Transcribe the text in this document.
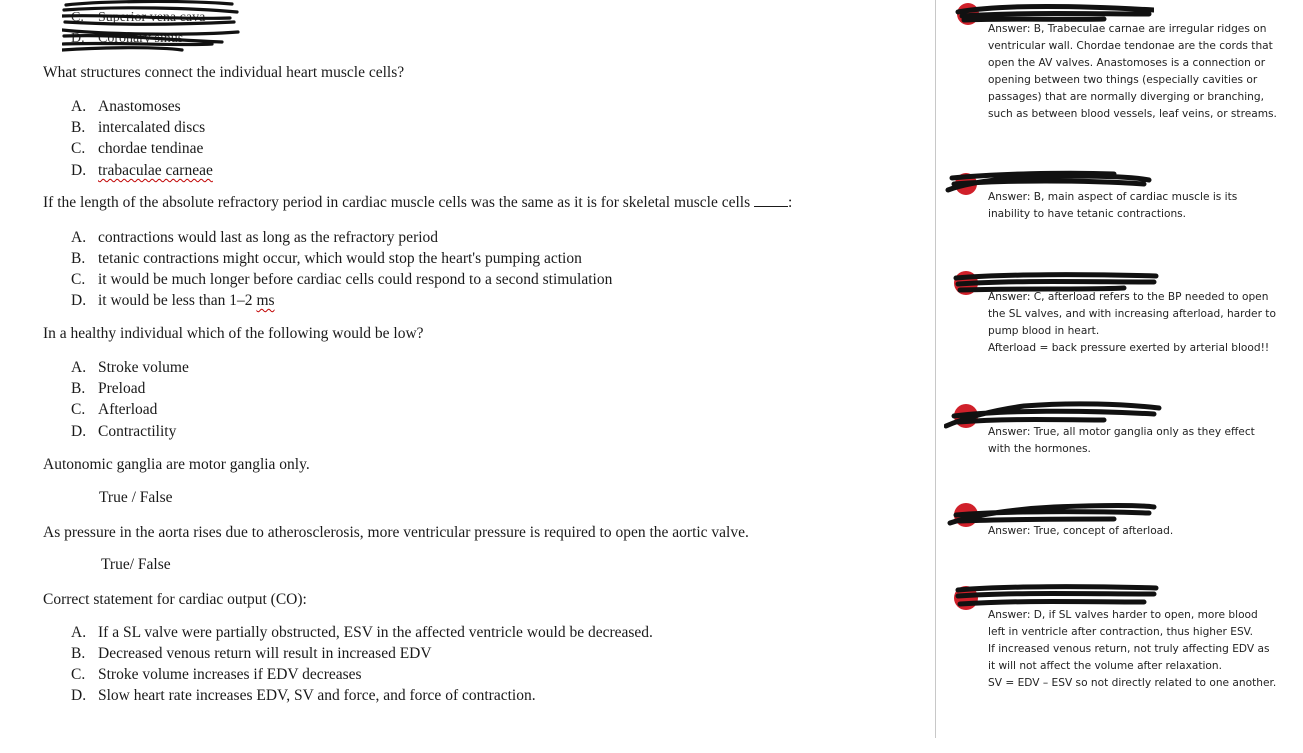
C. Superior vena cava
D. Coronary sinus
What structures connect the individual heart muscle cells?
A. Anastomoses
B. intercalated discs
C. chordae tendinae
D. trabaculae carneae
If the length of the absolute refractory period in cardiac muscle cells was the same as it is for skeletal muscle cells :
A. contractions would last as long as the refractory period
B. tetanic contractions might occur, which would stop the heart's pumping action
C. it would be much longer before cardiac cells could respond to a second stimulation
D. it would be less than 1–2 ms
In a healthy individual which of the following would be low?
A. Stroke volume
B. Preload
C. Afterload
D. Contractility
Autonomic ganglia are motor ganglia only.
True / False
As pressure in the aorta rises due to atherosclerosis, more ventricular pressure is required to open the aortic valve.
True/ False
Correct statement for cardiac output (CO):
A. If a SL valve were partially obstructed, ESV in the affected ventricle would be decreased.
B. Decreased venous return will result in increased EDV
C. Stroke volume increases if EDV decreases
D. Slow heart rate increases EDV, SV and force, and force of contraction.
Answer: B, Trabeculae carnae are irregular ridges on
ventricular wall. Chordae tendonae are the cords that
open the AV valves. Anastomoses is a connection or
opening between two things (especially cavities or
passages) that are normally diverging or branching,
such as between blood vessels, leaf veins, or streams.
Answer: B, main aspect of cardiac muscle is its
inability to have tetanic contractions.
Answer: C, afterload refers to the BP needed to open
the SL valves, and with increasing afterload, harder to
pump blood in heart.
Afterload = back pressure exerted by arterial blood!!
Answer: True, all motor ganglia only as they effect
with the hormones.
Answer: True, concept of afterload.
Answer: D, if SL valves harder to open, more blood
left in ventricle after contraction, thus higher ESV.
If increased venous return, not truly affecting EDV as
it will not affect the volume after relaxation.
SV = EDV – ESV so not directly related to one another.
